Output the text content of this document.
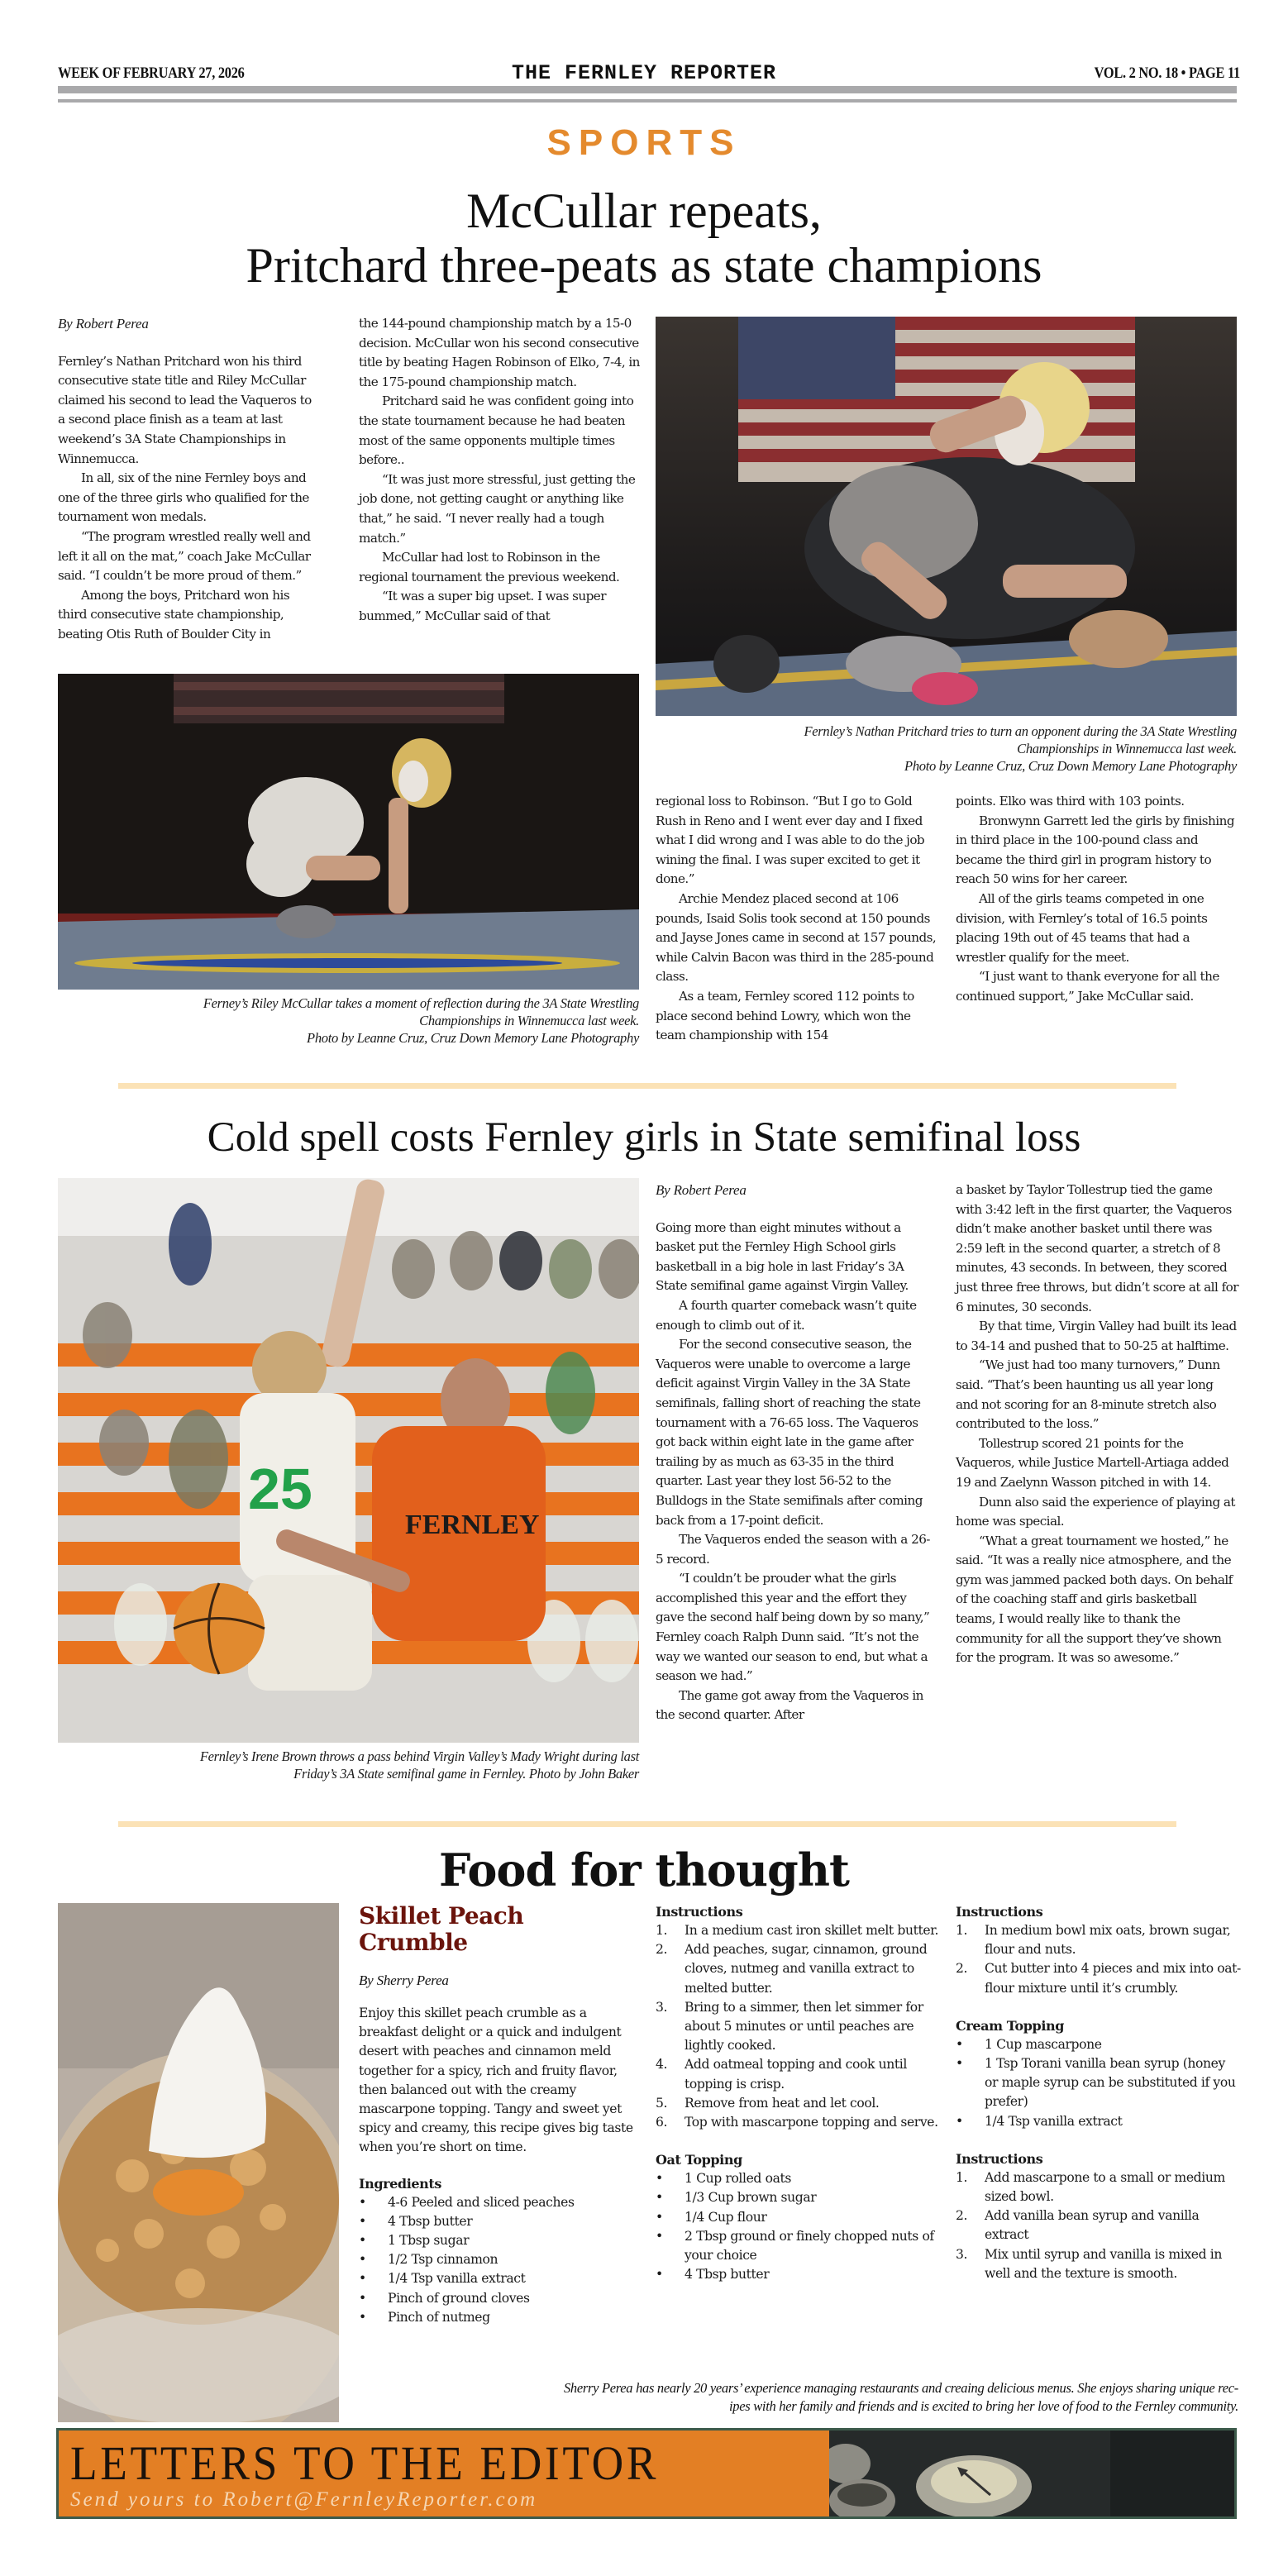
WEEK OF FEBRUARY 27, 2026	THE FERNLEY REPORTER	VOL. 2 NO. 18 • PAGE 11
SPORTS
McCullar repeats,
Pritchard three-peats as state champions
By Robert Perea

Fernley’s Nathan Pritchard won his third consecutive state title and Riley McCullar claimed his second to lead the Vaqueros to a second place finish as a team at last weekend’s 3A State Championships in Winnemucca.

In all, six of the nine Fernley boys and one of the three girls who qualified for the tournament won medals.

“The program wrestled really well and left it all on the mat,” coach Jake McCullar said. “I couldn’t be more proud of them.”

Among the boys, Pritchard won his third consecutive state championship, beating Otis Ruth of Boulder City in

the 144-pound championship match by a 15-0 decision. McCullar won his second consecutive title by beating Hagen Robinson of Elko, 7-4, in the 175-pound championship match.

Pritchard said he was confident going into the state tournament because he had beaten most of the same opponents multiple times before..

“It was just more stressful, just getting the job done, not getting caught or anything like that,” he said. “I never really had a tough match.”

McCullar had lost to Robinson in the regional tournament the previous weekend.

“It was a super big upset. I was super bummed,” McCullar said of that

Fernley’s Nathan Pritchard tries to turn an opponent during the 3A State Wrestling
Championships in Winnemucca last week.
Photo by Leanne Cruz, Cruz Down Memory Lane Photography
Ferney’s Riley McCullar takes a moment of reflection during the 3A State Wrestling
Championships in Winnemucca last week.
Photo by Leanne Cruz, Cruz Down Memory Lane Photography

regional loss to Robinson. “But I go to Gold Rush in Reno and I went ever day and I fixed what I did wrong and I was able to do the job wining the final. I was super excited to get it done.”

Archie Mendez placed second at 106 pounds, Isaid Solis took second at 150 pounds and Jayse Jones came in second at 157 pounds, while Calvin Bacon was third in the 285-pound class.

As a team, Fernley scored 112 points to place second behind Lowry, which won the team championship with 154

points. Elko was third with 103 points.

Bronwynn Garrett led the girls by finishing in third place in the 100-pound class and became the third girl in program history to reach 50 wins for her career.

All of the girls teams competed in one division, with Fernley’s total of 16.5 points placing 19th out of 45 teams that had a wrestler qualify for the meet.

“I just want to thank everyone for all the continued support,” Jake McCullar said.

Cold spell costs Fernley girls in State semifinal loss
25
FERNLEY
Fernley’s Irene Brown throws a pass behind Virgin Valley’s Mady Wright during last
Friday’s 3A State semifinal game in Fernley. Photo by John Baker
By Robert Perea

Going more than eight minutes without a basket put the Fernley High School girls basketball in a big hole in last Friday’s 3A State semifinal game against Virgin Valley.

A fourth quarter comeback wasn’t quite enough to climb out of it.

For the second consecutive season, the Vaqueros were unable to overcome a large deficit against Virgin Valley in the 3A State semifinals, falling short of reaching the state tournament with a 76-65 loss. The Vaqueros got back within eight late in the game after trailing by as much as 63-35 in the third quarter. Last year they lost 56-52 to the Bulldogs in the State semifinals after coming back from a 17-point deficit.

The Vaqueros ended the season with a 26-5 record.

“I couldn’t be prouder what the girls accomplished this year and the effort they gave the second half being down by so many,” Fernley coach Ralph Dunn said. “It’s not the way we wanted our season to end, but what a season we had.”

The game got away from the Vaqueros in the second quarter. After

a basket by Taylor Tollestrup tied the game with 3:42 left in the first quarter, the Vaqueros didn’t make another basket until there was 2:59 left in the second quarter, a stretch of 8 minutes, 43 seconds. In between, they scored just three free throws, but didn’t score at all for 6 minutes, 30 seconds.

By that time, Virgin Valley had built its lead to 34-14 and pushed that to 50-25 at halftime.

“We just had too many turnovers,” Dunn said. “That’s been haunting us all year long and not scoring for an 8-minute stretch also contributed to the loss.”

Tollestrup scored 21 points for the Vaqueros, while Justice Martell-Artiaga added 19 and Zaelynn Wasson pitched in with 14.

Dunn also said the experience of playing at home was special.

“What a great tournament we hosted,” he said. “It was a really nice atmosphere, and the gym was jammed packed both days. On behalf of the coaching staff and girls basketball teams, I would really like to thank the community for all the support they’ve shown for the program. It was so awesome.”

Food for thought
Skillet Peach
Crumble
By Sherry Perea

Enjoy this skillet peach crumble as a breakfast delight or a quick and indulgent desert with peaches and cinnamon meld together for a spicy, rich and fruity flavor, then balanced out with the creamy mascarpone topping. Tangy and sweet yet spicy and creamy, this recipe gives big taste when you’re short on time.

Ingredients
• 4-6 Peeled and sliced peaches
• 4 Tbsp butter
• 1 Tbsp sugar
• 1/2 Tsp cinnamon
• 1/4 Tsp vanilla extract
• Pinch of ground cloves
• Pinch of nutmeg
Instructions
1. In a medium cast iron skillet melt butter.
2. Add peaches, sugar, cinnamon, ground cloves, nutmeg and vanilla extract to melted butter.
3. Bring to a simmer, then let simmer for about 5 minutes or until peaches are lightly cooked.
4. Add oatmeal topping and cook until topping is crisp.
5. Remove from heat and let cool.
6. Top with mascarpone topping and serve.
Oat Topping
• 1 Cup rolled oats
• 1/3 Cup brown sugar
• 1/4 Cup flour
• 2 Tbsp ground or finely chopped nuts of your choice
• 4 Tbsp butter
Instructions
1. In medium bowl mix oats, brown sugar, flour and nuts.
2. Cut butter into 4 pieces and mix into oat-flour mixture until it’s crumbly.
Cream Topping
• 1 Cup mascarpone
• 1 Tsp Torani vanilla bean syrup (honey or maple syrup can be substituted if you prefer)
• 1/4 Tsp vanilla extract
Instructions
1. Add mascarpone to a small or medium sized bowl.
2. Add vanilla bean syrup and vanilla extract
3. Mix until syrup and vanilla is mixed in well and the texture is smooth.
Sherry Perea has nearly 20 years’ experience managing restaurants and creaing delicious menus. She enjoys sharing unique rec-
ipes with her family and friends and is excited to bring her love of food to the Fernley community.
LETTERS TO THE EDITOR
Send yours to Robert@FernleyReporter.com
